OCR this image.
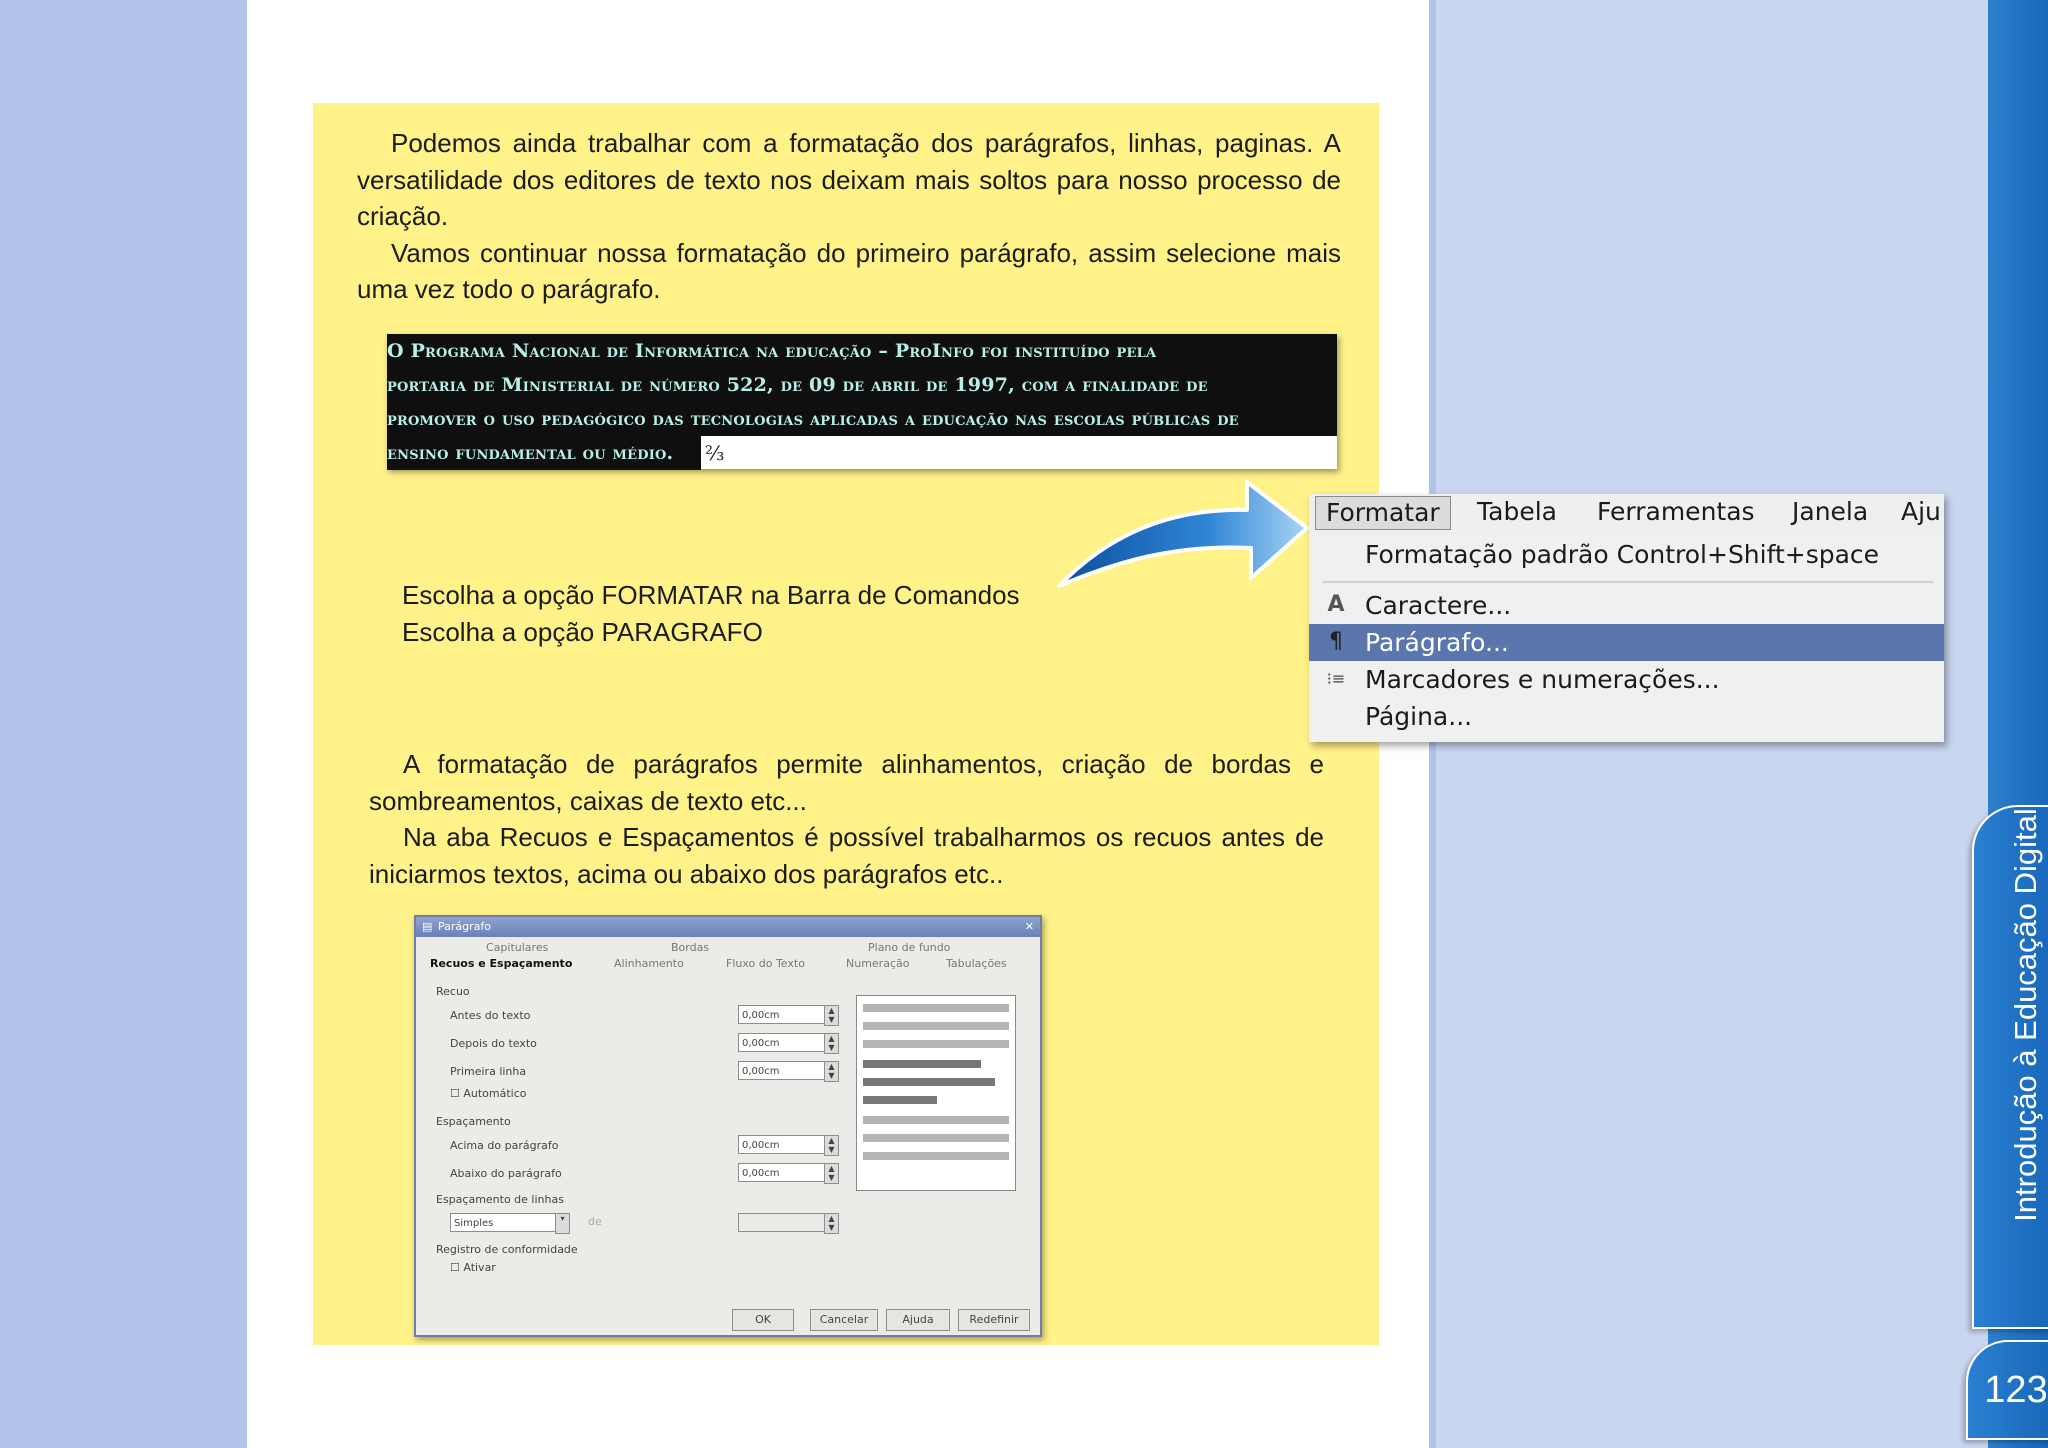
Introdução à Educação Digital
123

Podemos ainda trabalhar com a formatação dos parágrafos, linhas, paginas. A versatilidade dos editores de texto nos deixam mais soltos para nosso processo de criação.

Vamos continuar nossa formatação do primeiro parágrafo, assim selecione mais uma vez todo o parágrafo.

A formatação de parágrafos permite alinhamentos, criação de bordas e sombreamentos, caixas de texto etc...

Na aba Recuos e Espaçamentos é possível trabalharmos os recuos antes de iniciarmos textos, acima ou abaixo dos parágrafos etc..

O Programa Nacional de Informática na educação – ProInfo foi instituído pela
portaria de Ministerial de número 522, de 09 de abril de 1997, com a finalidade de
promover o uso pedagógico das tecnologias aplicadas a educação nas escolas públicas de
ensino fundamental ou médio.	⅔
Escolha a opção FORMATAR na Barra de Comandos
Escolha a opção PARAGRAFO
Formatar	Tabela Ferramentas Janela Aju
Formatação padrão Control+Shift+space
A Caractere...
¶ Parágrafo...
⁝≡ Marcadores e numerações...
Página...
▤ Parágrafo	✕
Capitulares	Bordas	Plano de fundo
Recuos e Espaçamento	Alinhamento	Fluxo do Texto	Numeração	Tabulações
Recuo
Antes do texto	0,00cm	▲
▼
Depois do texto	0,00cm	▲
▼
Primeira linha	0,00cm	▲
▼
☐ Automático
Espaçamento
Acima do parágrafo	0,00cm	▲
▼
Abaixo do parágrafo	0,00cm	▲
▼
Espaçamento de linhas
Simples	▾	de	▲
▼
Registro de conformidade
☐ Ativar
OK	Cancelar	Ajuda	Redefinir
